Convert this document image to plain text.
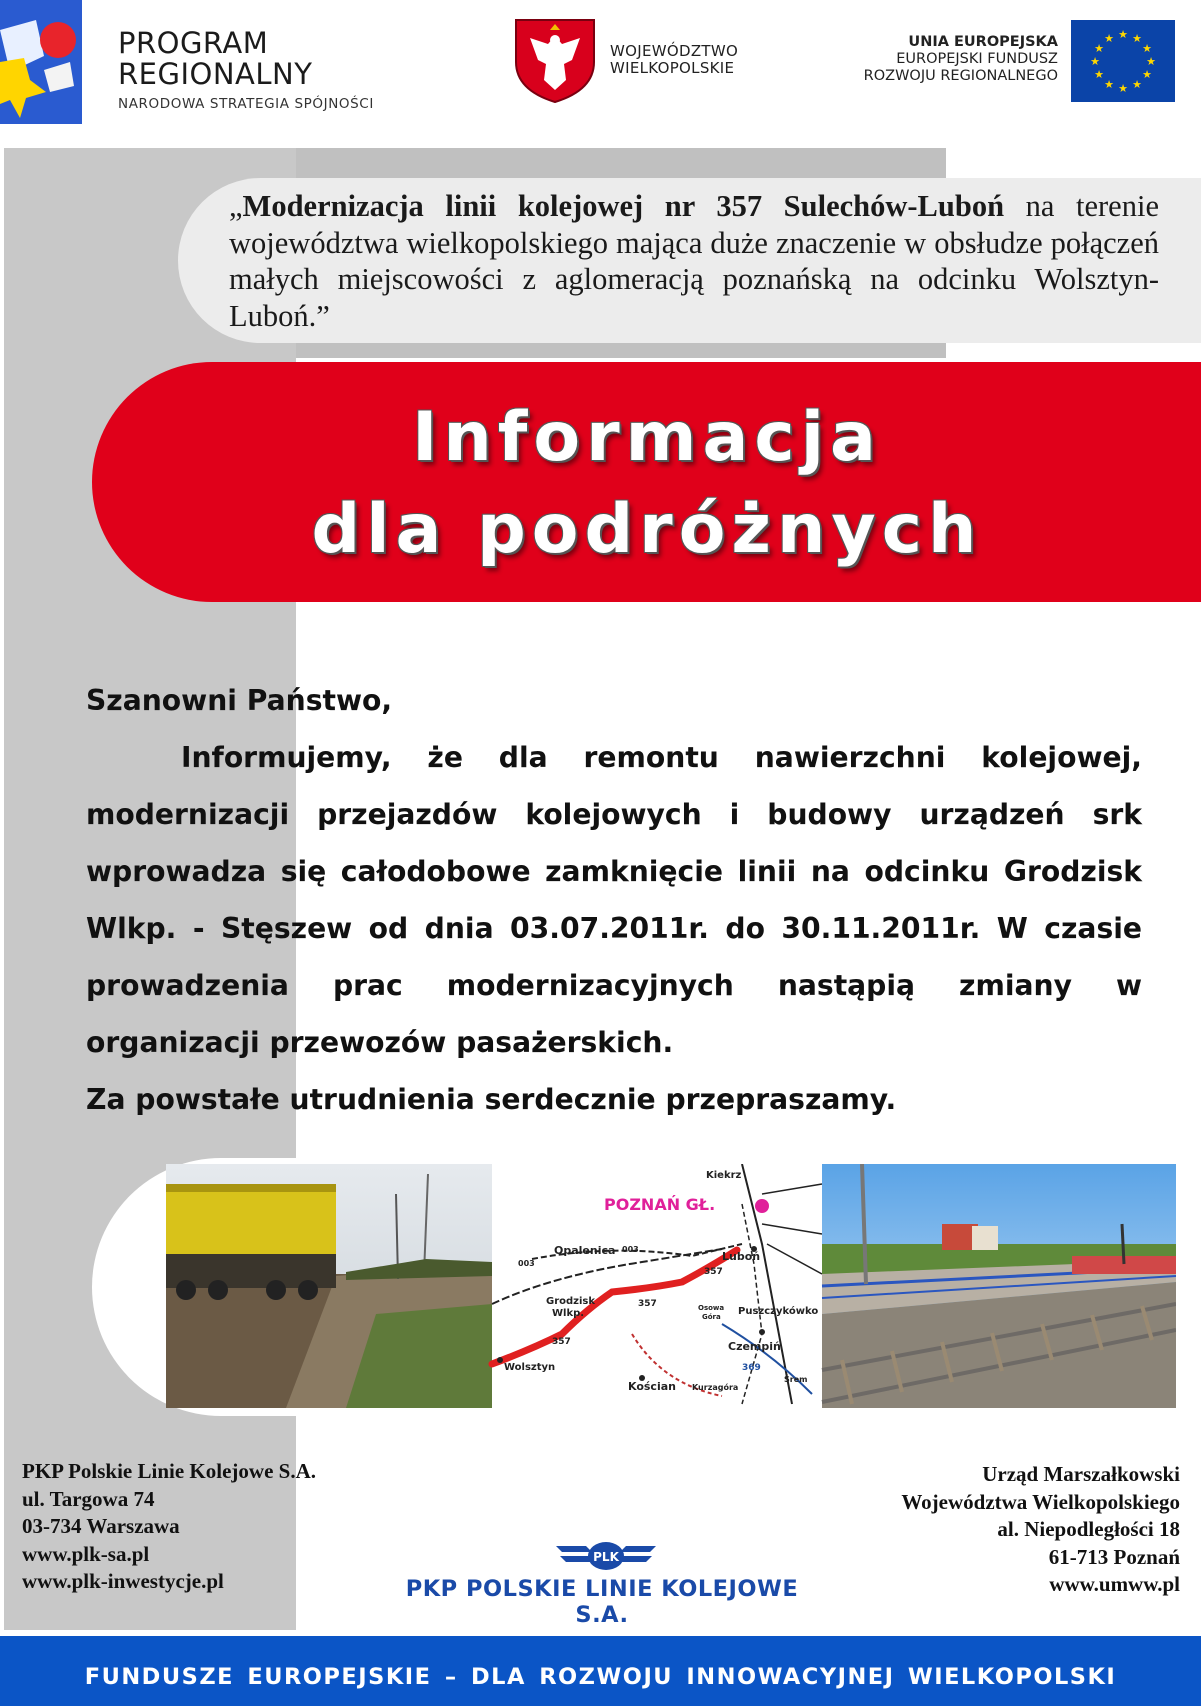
PROGRAM
REGIONALNY
NARODOWA STRATEGIA SPÓJNOŚCI
WOJEWÓDZTWO
WIELKOPOLSKIE
UNIA EUROPEJSKA
EUROPEJSKI FUNDUSZ
ROZWOJU REGIONALNEGO
★ ★
★
★
★
★
★
★
★
★
★
★
„Modernizacja linii kolejowej nr 357 Sulechów-Luboń na terenie województwa wielkopolskiego mająca duże znaczenie w obsłudze połączeń małych miejscowości z aglomeracją poznańską na odcinku Wolsztyn-Luboń.”
Informacja
dla podróżnych

Szanowni Państwo,

Informujemy, że dla remontu nawierzchni kolejowej, modernizacji przejazdów kolejowych i budowy urządzeń srk wprowadza się całodobowe zamknięcie linii na odcinku Grodzisk Wlkp. - Stęszew od dnia 03.07.2011r. do 30.11.2011r. W czasie prowadzenia prac modernizacyjnych nastąpią zmiany w organizacji przewozów pasażerskich.

Za powstałe utrudnienia serdecznie przepraszamy.

POZNAŃ GŁ.
Kiekrz
Opalenica
Grodzisk
Wlkp.
Luboń
Puszczykówko
Czempiń
Wolsztyn
Kościan Kurzagóra
Śrem
Osowa
Góra
357
357
357
003
003
369
PKP Polskie Linie Kolejowe S.A.
ul. Targowa 74
03-734 Warszawa
www.plk-sa.pl
www.plk-inwestycje.pl
Urząd Marszałkowski
Województwa Wielkopolskiego
al. Niepodległości 18
61-713 Poznań
www.umww.pl
PLK
PKP POLSKIE LINIE KOLEJOWE S.A.
FUNDUSZE EUROPEJSKIE – DLA ROZWOJU INNOWACYJNEJ WIELKOPOLSKI
